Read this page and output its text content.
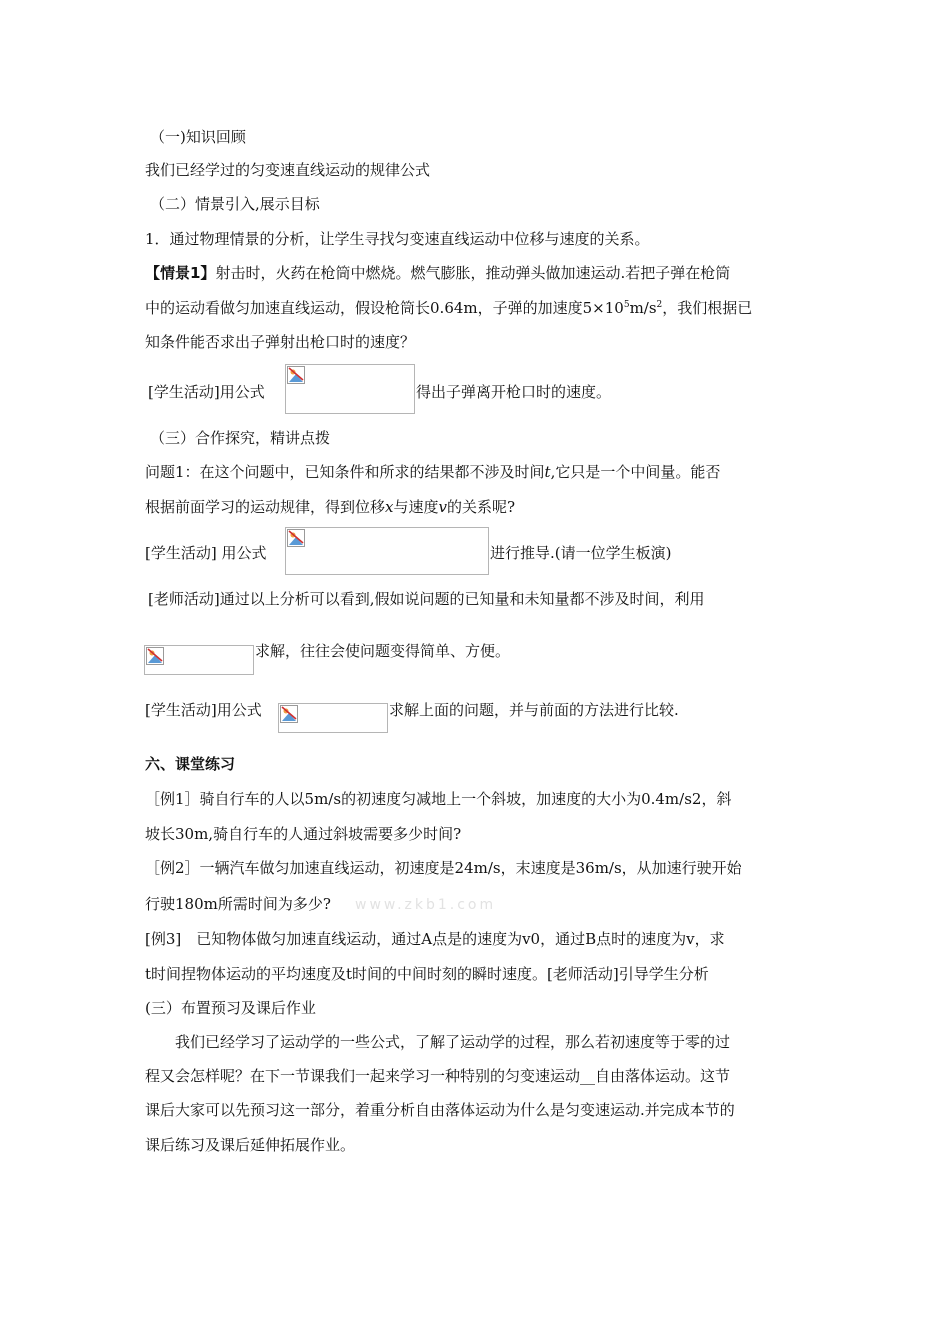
（一)知识回顾
我们已经学过的匀变速直线运动的规律公式
（二）情景引入,展示目标
1．通过物理情景的分析，让学生寻找匀变速直线运动中位移与速度的关系。
【情景1】射击时，火药在枪筒中燃烧。燃气膨胀，推动弹头做加速运动.若把子弹在枪筒
中的运动看做匀加速直线运动，假设枪筒长0.64m，子弹的加速度$5\times 10^5m/s^2$，我们根据已
知条件能否求出子弹射出枪口时的速度？
[学生活动]用公式	得出子弹离开枪口时的速度。
（三）合作探究，精讲点拨
问题1：在这个问题中，已知条件和所求的结果都不涉及时间t,它只是一个中间量。能否
根据前面学习的运动规律，得到位移x与速度v的关系呢?
[学生活动] 用公式	进行推导.(请一位学生板演)
[老师活动]通过以上分析可以看到,假如说问题的已知量和未知量都不涉及时间，利用
求解，往往会使问题变得简单、方便。
[学生活动]用公式	求解上面的问题，并与前面的方法进行比较.
六、课堂练习
［例1］骑自行车的人以5m/s的初速度匀减地上一个斜坡，加速度的大小为0.4m/s2，斜
坡长30m,骑自行车的人通过斜坡需要多少时间?
［例2］一辆汽车做匀加速直线运动，初速度是24m/s，末速度是36m/s，从加速行驶开始
行驶180m所需时间为多少? www.zkb1.com
[例3]　已知物体做匀加速直线运动，通过A点是的速度为v0，通过B点时的速度为v，求
t时间捏物体运动的平均速度及t时间的中间时刻的瞬时速度。[老师活动]引导学生分析
(三）布置预习及课后作业
　　我们已经学习了运动学的一些公式，了解了运动学的过程，那么若初速度等于零的过
程又会怎样呢？在下一节课我们一起来学习一种特别的匀变速运动__自由落体运动。这节
课后大家可以先预习这一部分，着重分析自由落体运动为什么是匀变速运动.并完成本节的
课后练习及课后延伸拓展作业。
